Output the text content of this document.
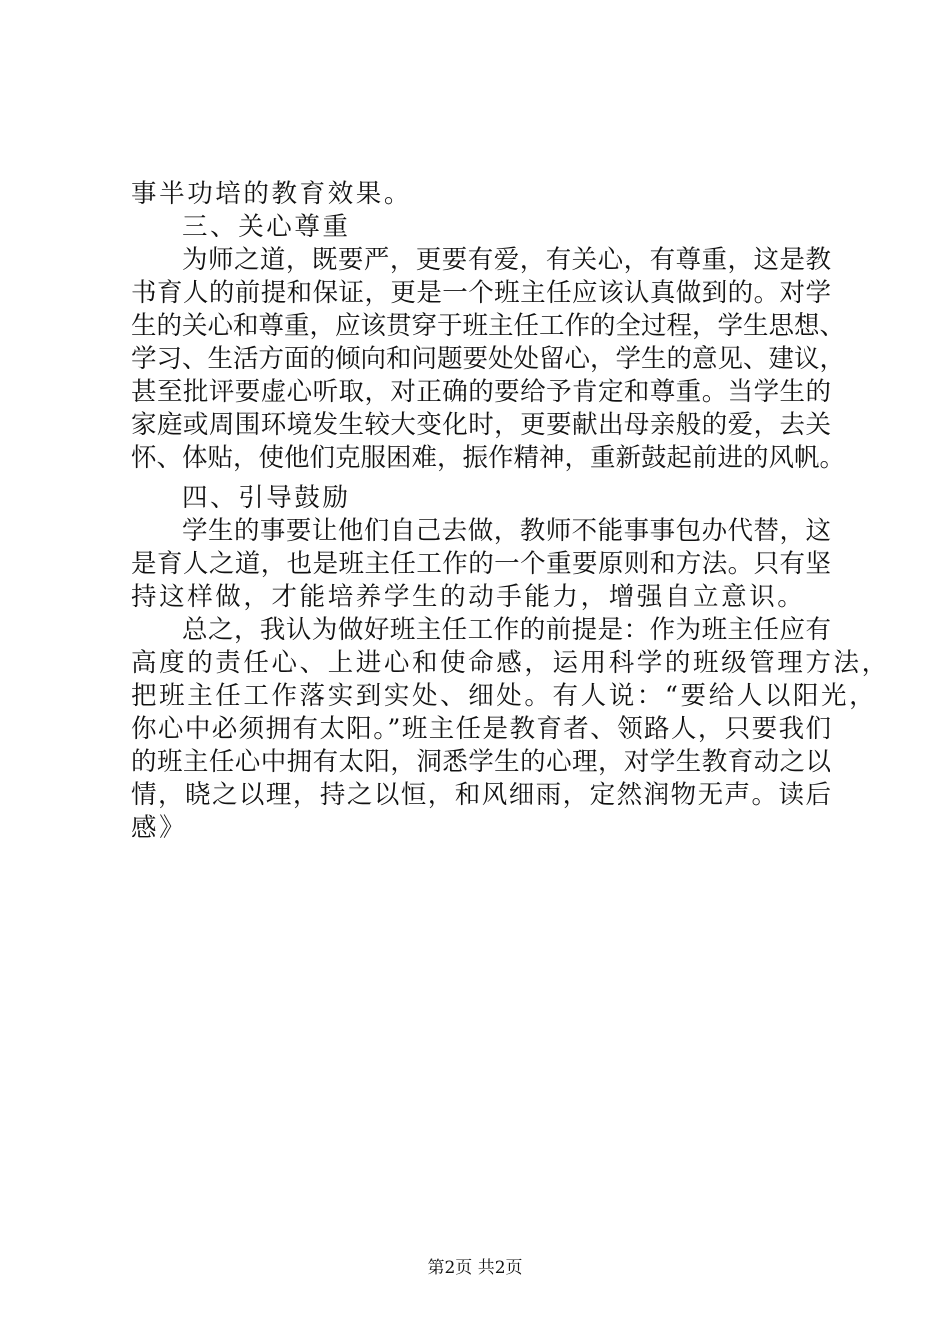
事半功培的教育效果。
三、关心尊重
为师之道，既要严，更要有爱，有关心，有尊重，这是教
书育人的前提和保证，更是一个班主任应该认真做到的。对学
生的关心和尊重，应该贯穿于班主任工作的全过程，学生思想、
学习、生活方面的倾向和问题要处处留心，学生的意见、建议，
甚至批评要虚心听取，对正确的要给予肯定和尊重。当学生的
家庭或周围环境发生较大变化时，更要献出母亲般的爱，去关
怀、体贴，使他们克服困难，振作精神，重新鼓起前进的风帆。
四、引导鼓励
学生的事要让他们自己去做，教师不能事事包办代替，这
是育人之道，也是班主任工作的一个重要原则和方法。只有坚
持这样做，才能培养学生的动手能力，增强自立意识。
总之，我认为做好班主任工作的前提是：作为班主任应有
高度的责任心、上进心和使命感，运用科学的班级管理方法，
把班主任工作落实到实处、细处。有人说：“要给人以阳光，
你心中必须拥有太阳。”班主任是教育者、领路人，只要我们
的班主任心中拥有太阳，洞悉学生的心理，对学生教育动之以
情，晓之以理，持之以恒，和风细雨，定然润物无声。读后
感》
第2页 共2页
